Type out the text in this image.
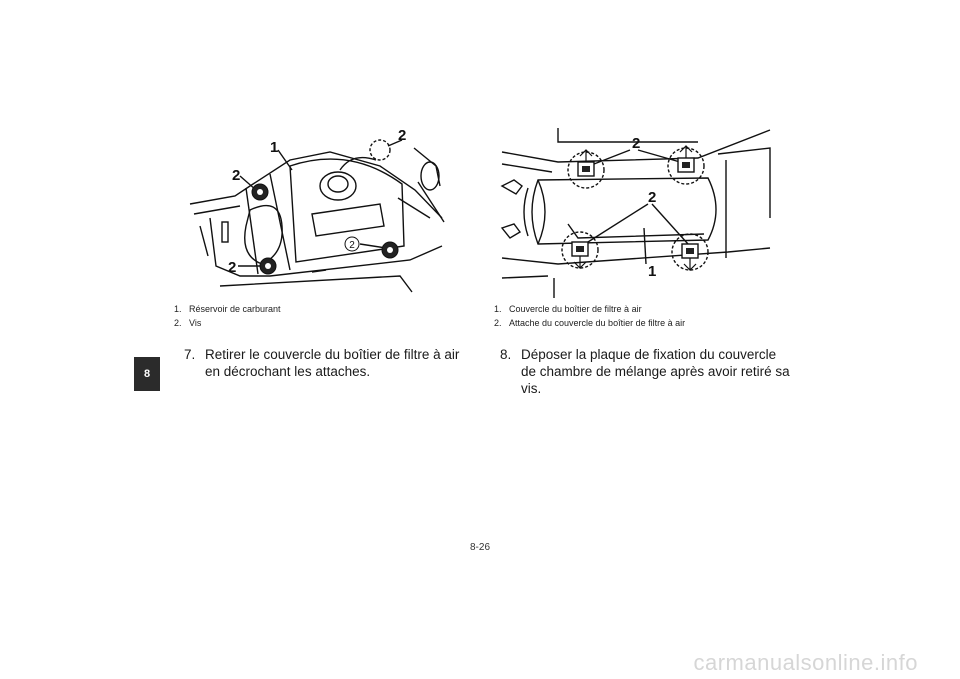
8
2
1
2
2
2
1. Réservoir de carburant
2. Vis
2
2
1
1. Couvercle du boîtier de filtre à air
2. Attache du couvercle du boîtier de filtre à air
7. Retirer le couvercle du boîtier de filtre à air en décrochant les attaches.
8. Déposer la plaque de fixation du couvercle de chambre de mélange après avoir retiré sa vis.
8-26
carmanualsonline.info
